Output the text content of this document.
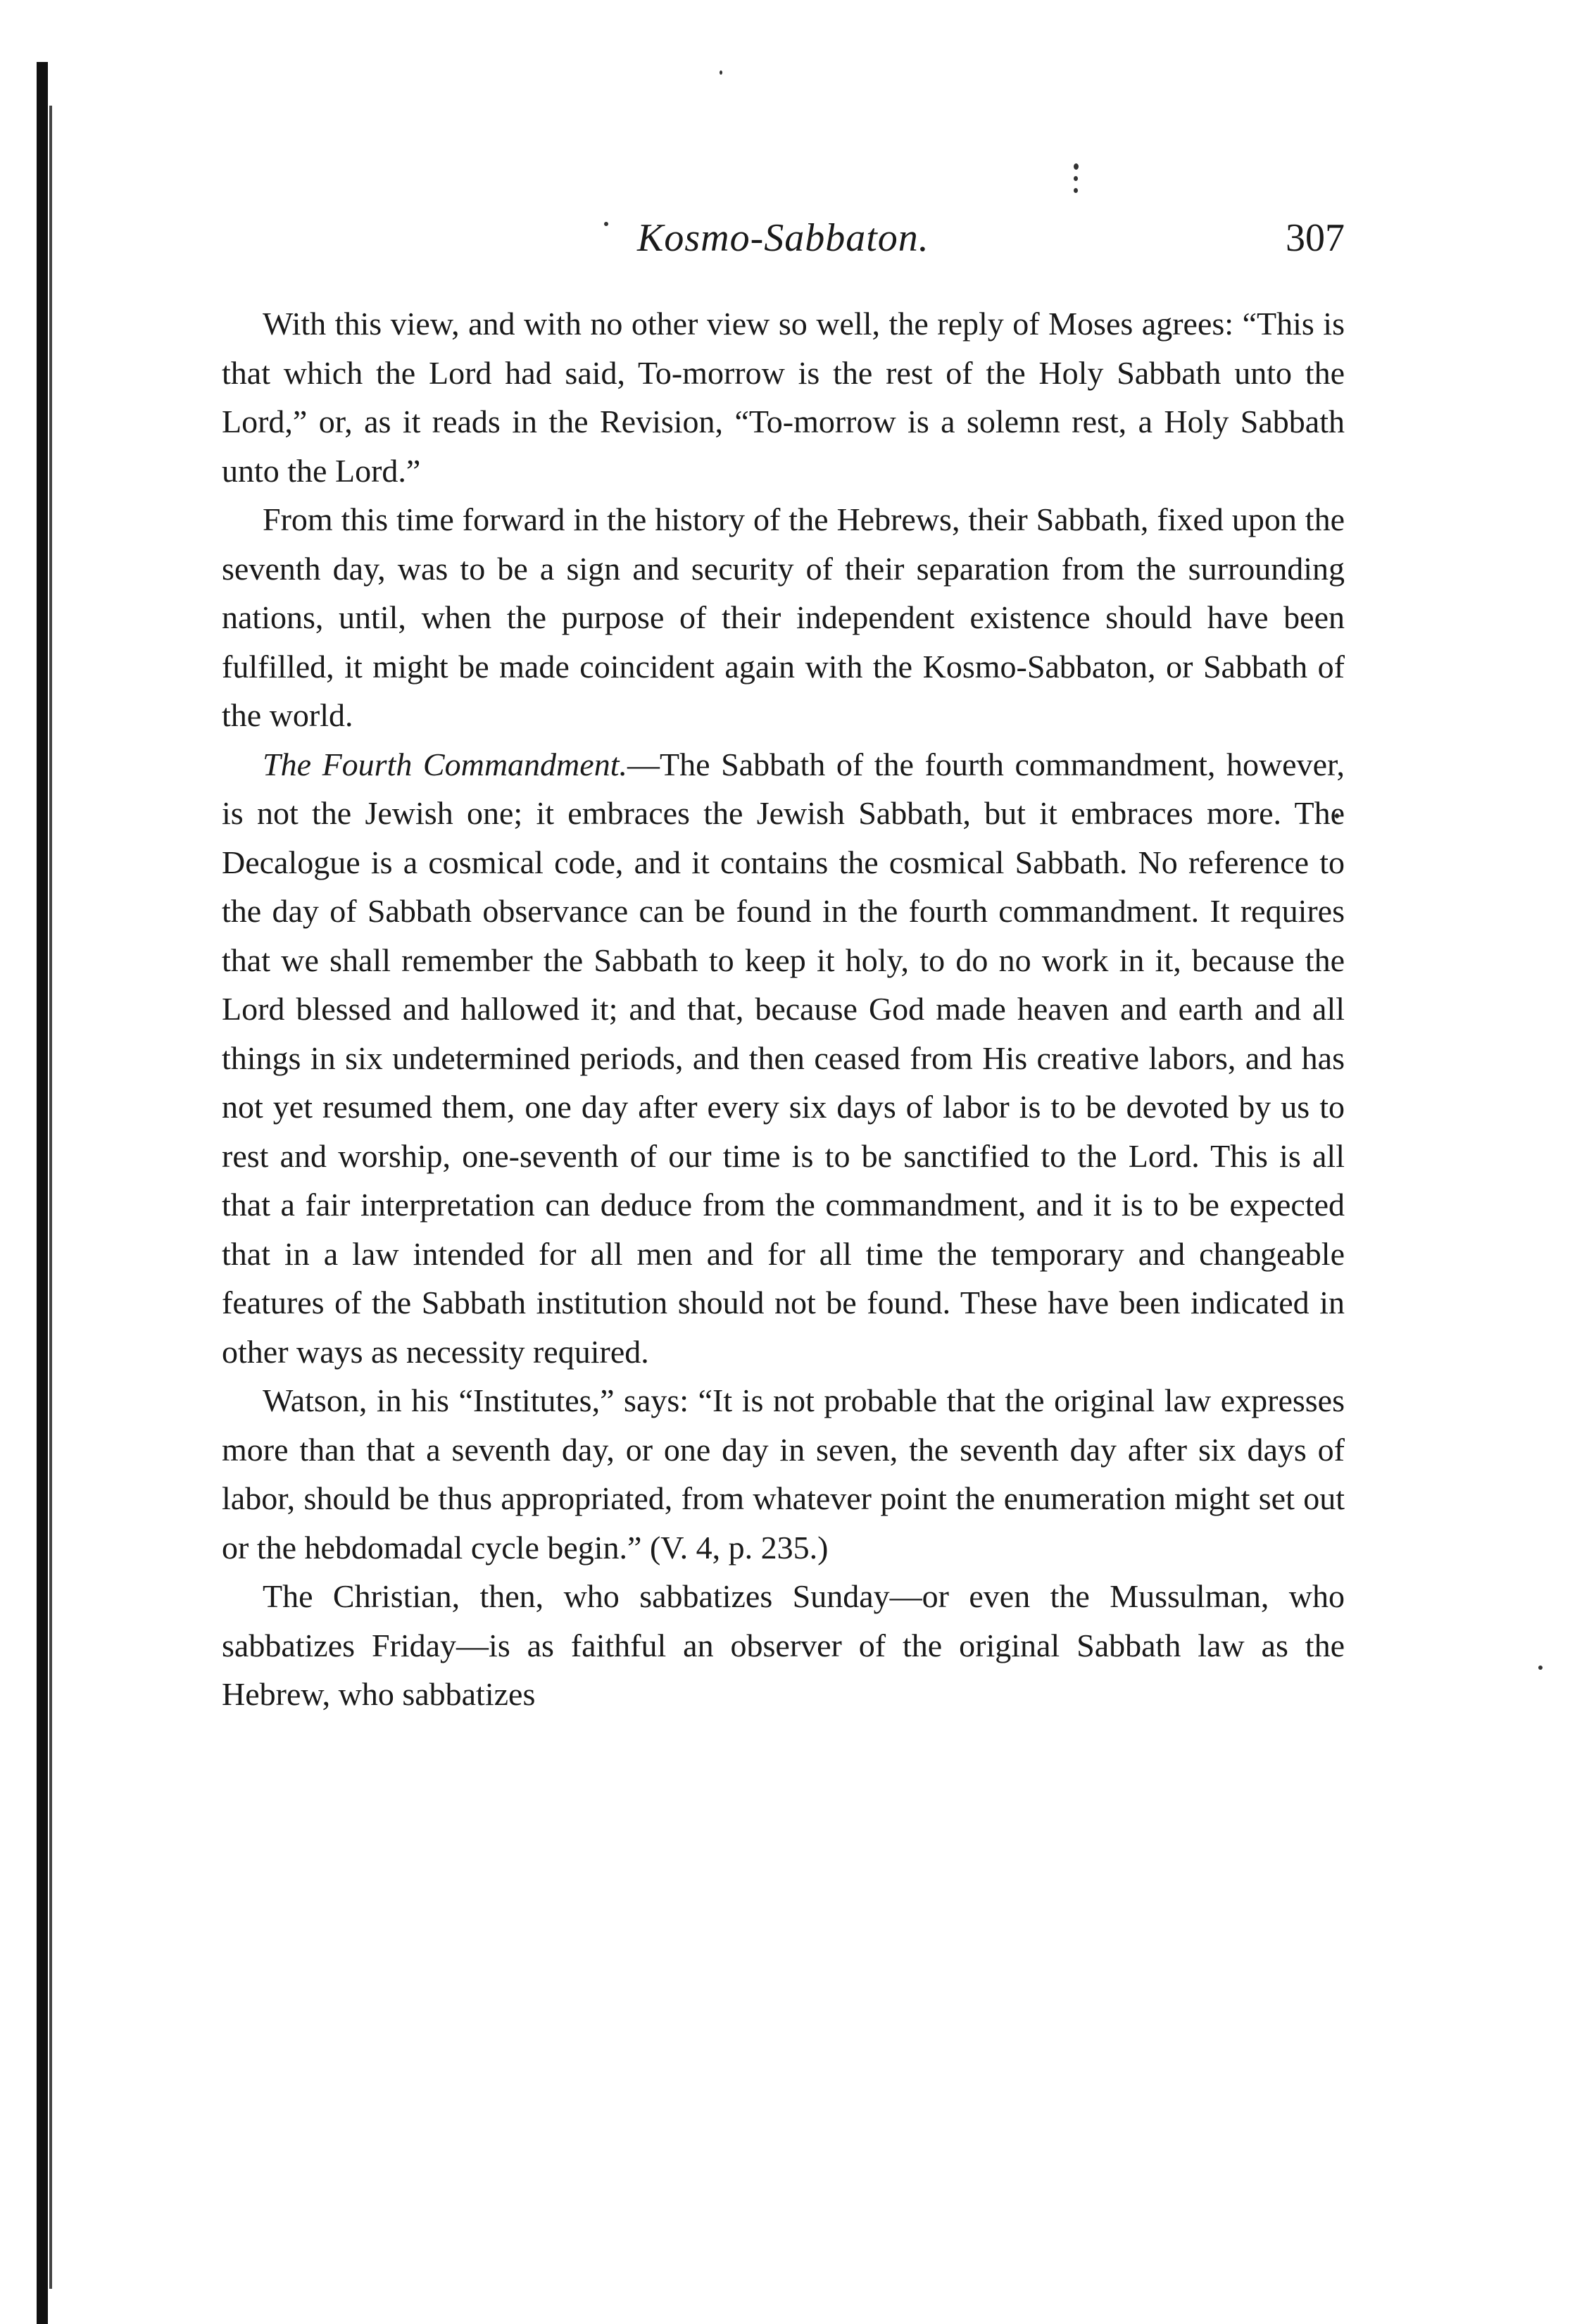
Kosmo-Sabbaton.	307

With this view, and with no other view so well, the reply of Moses agrees: “This is that which the Lord had said, To-morrow is the rest of the Holy Sabbath unto the Lord,” or, as it reads in the Revision, “To-morrow is a solemn rest, a Holy Sabbath unto the Lord.”

From this time forward in the history of the Hebrews, their Sabbath, fixed upon the seventh day, was to be a sign and security of their separation from the surrounding nations, until, when the purpose of their independent existence should have been fulfilled, it might be made coincident again with the Kosmo-Sabbaton, or Sabbath of the world.

The Fourth Commandment.—The Sabbath of the fourth commandment, however, is not the Jewish one; it embraces the Jewish Sabbath, but it embraces more. The Decalogue is a cosmical code, and it contains the cosmical Sabbath. No reference to the day of Sabbath observance can be found in the fourth commandment. It requires that we shall remember the Sabbath to keep it holy, to do no work in it, because the Lord blessed and hallowed it; and that, because God made heaven and earth and all things in six undetermined periods, and then ceased from His creative labors, and has not yet resumed them, one day after every six days of labor is to be devoted by us to rest and worship, one-seventh of our time is to be sanctified to the Lord. This is all that a fair interpretation can deduce from the commandment, and it is to be expected that in a law intended for all men and for all time the temporary and changeable features of the Sabbath institution should not be found. These have been indicated in other ways as necessity required.

Watson, in his “Institutes,” says: “It is not probable that the original law expresses more than that a seventh day, or one day in seven, the seventh day after six days of labor, should be thus appropriated, from whatever point the enumeration might set out or the hebdomadal cycle begin.” (V. 4, p. 235.)

The Christian, then, who sabbatizes Sunday—or even the Mussulman, who sabbatizes Friday—is as faithful an observer of the original Sabbath law as the Hebrew, who sabbatizes
